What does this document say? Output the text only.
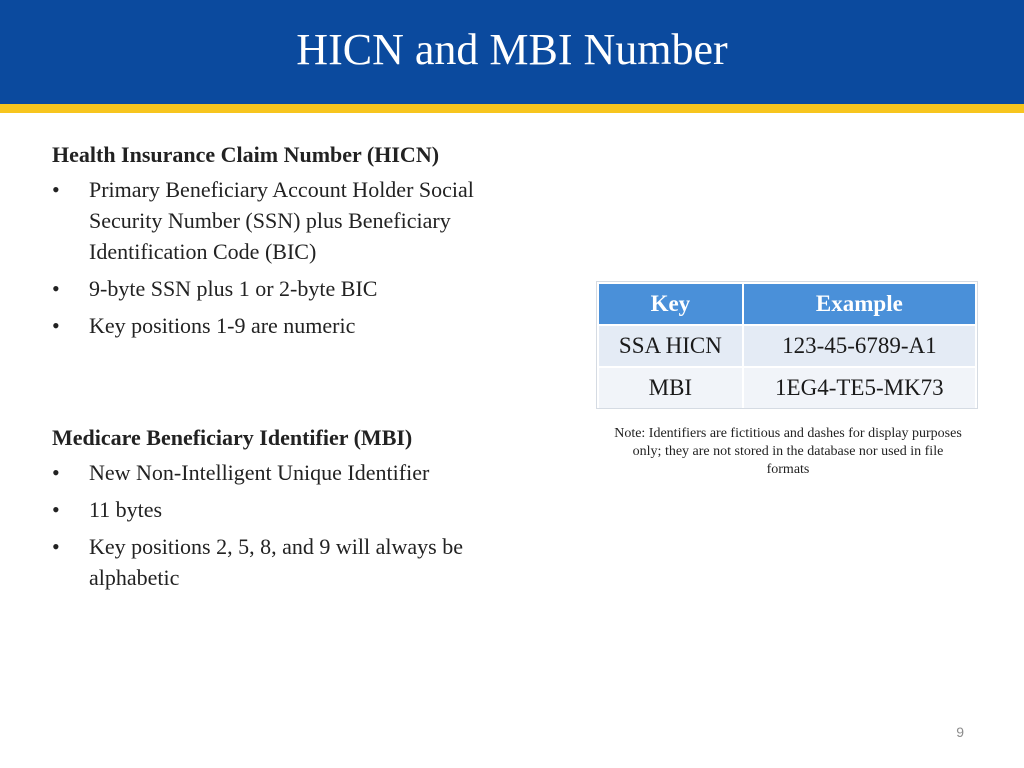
HICN and MBI Number
Health Insurance Claim Number (HICN)
•	Primary Beneficiary Account Holder Social Security Number (SSN) plus Beneficiary Identification Code (BIC)
•	9-byte SSN plus 1 or 2-byte BIC
•	Key positions 1-9 are numeric
Medicare Beneficiary Identifier (MBI)
•	New Non-Intelligent Unique Identifier
•	11 bytes
•	Key positions 2, 5, 8, and 9 will always be alphabetic
Key	Example
SSA HICN	123-45-6789-A1
MBI	1EG4-TE5-MK73
Note: Identifiers are fictitious and dashes for display purposes only; they are not stored in the database nor used in file formats
9
